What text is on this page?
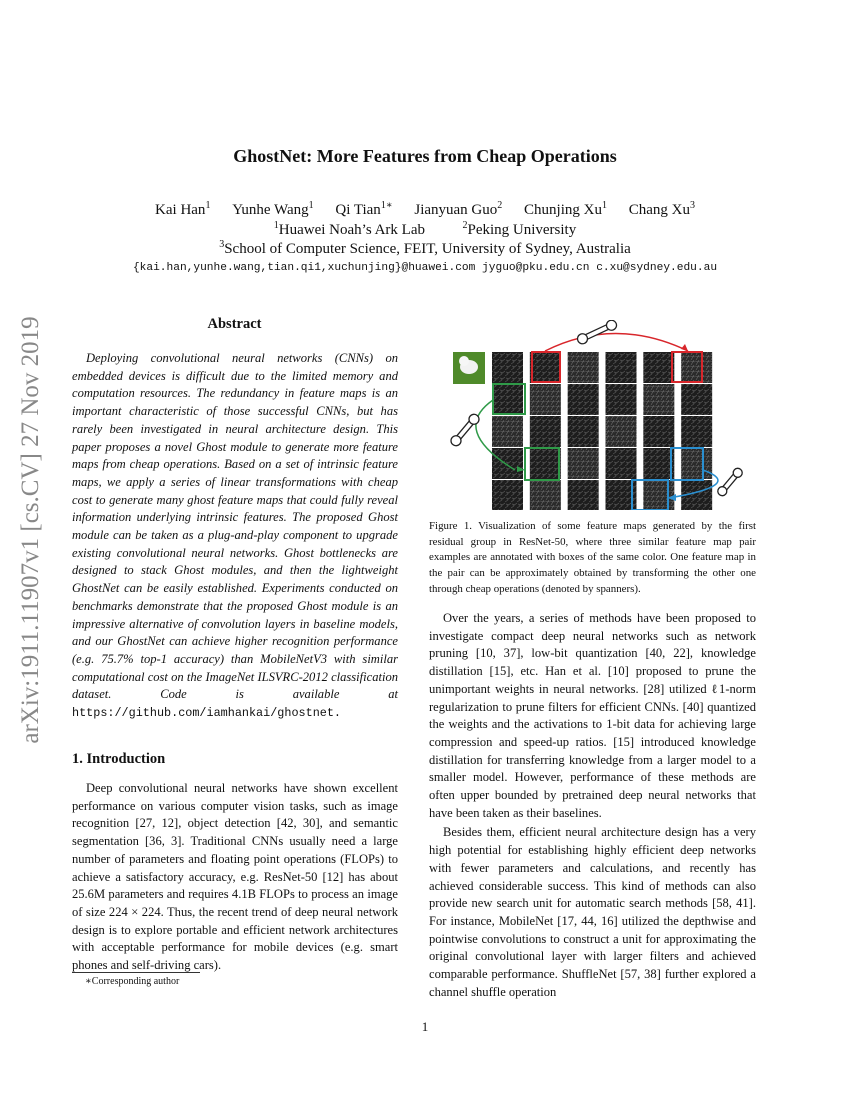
arXiv:1911.11907v1 [cs.CV] 27 Nov 2019
GhostNet: More Features from Cheap Operations
Kai Han$^1$ Yunhe Wang$^1$ Qi Tian$^{1∗}$ Jianyuan Guo$^2$ Chunjing Xu$^1$ Chang Xu$^3$
$^1$Huawei Noah’s Ark Lab	$^2$Peking University
$^3$School of Computer Science, FEIT, University of Sydney, Australia
{kai.han,yunhe.wang,tian.qi1,xuchunjing}@huawei.com jyguo@pku.edu.cn c.xu@sydney.edu.au
Abstract
Deploying convolutional neural networks (CNNs) on embedded devices is difficult due to the limited memory and computation resources. The redundancy in feature maps is an important characteristic of those successful CNNs, but has rarely been investigated in neural architecture design. This paper proposes a novel Ghost module to generate more feature maps from cheap operations. Based on a set of intrinsic feature maps, we apply a series of linear transformations with cheap cost to generate many ghost feature maps that could fully reveal information underlying intrinsic features. The proposed Ghost module can be taken as a plug-and-play component to upgrade existing convolutional neural networks. Ghost bottlenecks are designed to stack Ghost modules, and then the lightweight GhostNet can be easily established. Experiments conducted on benchmarks demonstrate that the proposed Ghost module is an impressive alternative of convolution layers in baseline models, and our GhostNet can achieve higher recognition performance (e.g. 75.7% top-1 accuracy) than MobileNetV3 with similar computational cost on the ImageNet ILSVRC-2012 classification dataset. Code is available at https://github.com/iamhankai/ghostnet.
1. Introduction

Deep convolutional neural networks have shown excellent performance on various computer vision tasks, such as image recognition [27, 12], object detection [42, 30], and semantic segmentation [36, 3]. Traditional CNNs usually need a large number of parameters and floating point operations (FLOPs) to achieve a satisfactory accuracy, e.g. ResNet-50 [12] has about 25.6M parameters and requires 4.1B FLOPs to process an image of size 224 × 224. Thus, the recent trend of deep neural network design is to explore portable and efficient network architectures with acceptable performance for mobile devices (e.g. smart phones and self-driving cars).

∗Corresponding author
Figure 1. Visualization of some feature maps generated by the first residual group in ResNet-50, where three similar feature map pair examples are annotated with boxes of the same color. One feature map in the pair can be approximately obtained by transforming the other one through cheap operations (denoted by spanners).

Over the years, a series of methods have been proposed to investigate compact deep neural networks such as network pruning [10, 37], low-bit quantization [40, 22], knowledge distillation [15], etc. Han et al. [10] proposed to prune the unimportant weights in neural networks. [28] utilized ℓ1-norm regularization to prune filters for efficient CNNs. [40] quantized the weights and the activations to 1-bit data for achieving large compression and speed-up ratios. [15] introduced knowledge distillation for transferring knowledge from a larger model to a smaller model. However, performance of these methods are often upper bounded by pretrained deep neural networks that have been taken as their baselines.

Besides them, efficient neural architecture design has a very high potential for establishing highly efficient deep networks with fewer parameters and calculations, and recently has achieved considerable success. This kind of methods can also provide new search unit for automatic search methods [58, 41]. For instance, MobileNet [17, 44, 16] utilized the depthwise and pointwise convolutions to construct a unit for approximating the original convolutional layer with larger filters and achieved comparable performance. ShuffleNet [57, 38] further explored a channel shuffle operation

1
